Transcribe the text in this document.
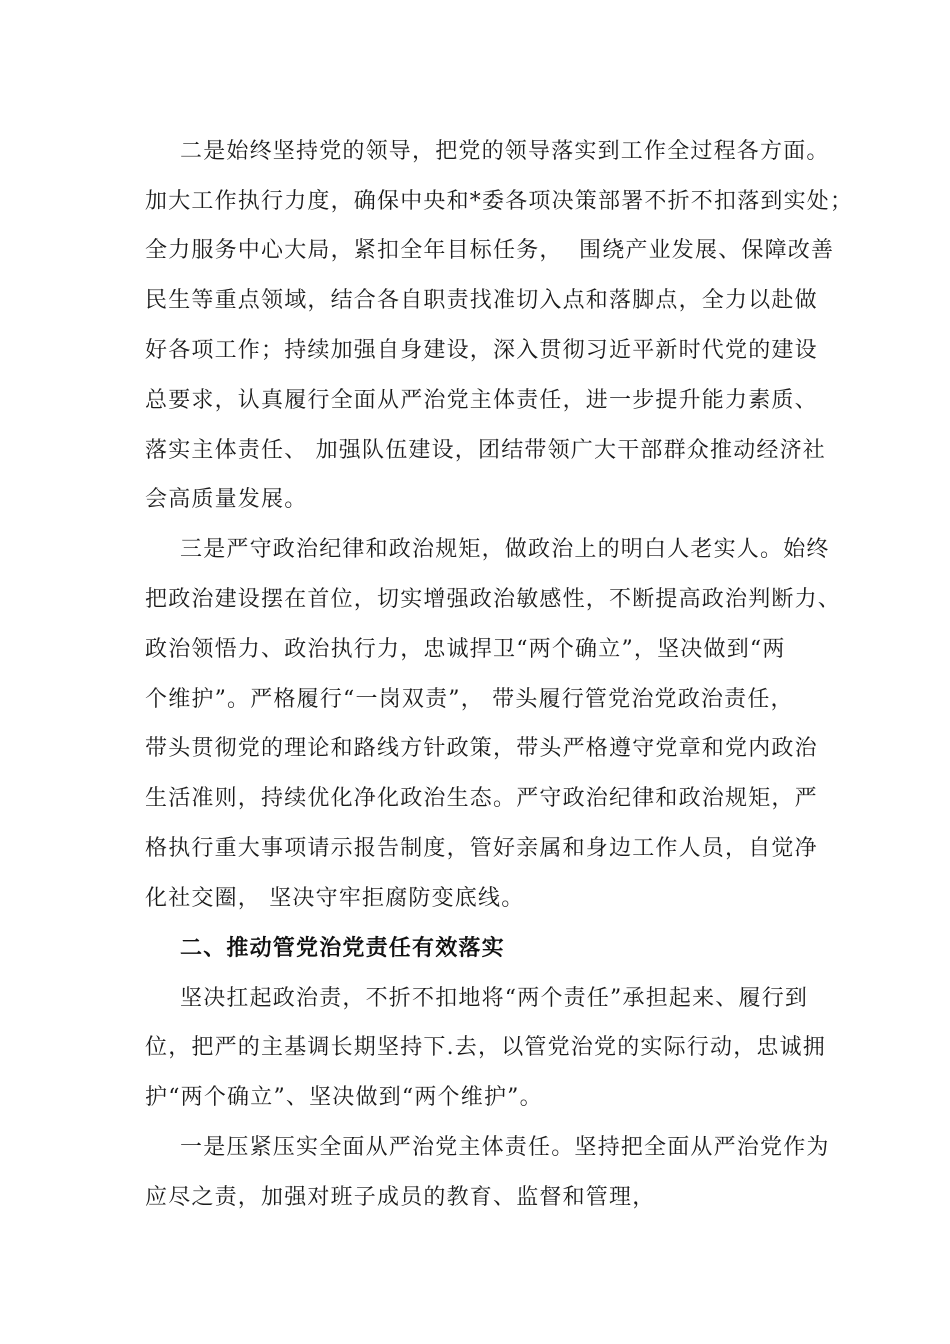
二是始终坚持党的领导，把党的领导落实到工作全过程各方面。

加大工作执行力度，确保中央和*委各项决策部署不折不扣落到实处；

全力服务中心大局，紧扣全年目标任务，  围绕产业发展、保障改善

民生等重点领域，结合各自职责找准切入点和落脚点，全力以赴做

好各项工作；持续加强自身建设，深入贯彻习近平新时代党的建设

总要求，认真履行全面从严治党主体责任，进一步提升能力素质、

落实主体责任、 加强队伍建设，团结带领广大干部群众推动经济社

会高质量发展。

三是严守政治纪律和政治规矩，做政治上的明白人老实人。始终

把政治建设摆在首位，切实增强政治敏感性，不断提高政治判断力、

政治领悟力、政治执行力，忠诚捍卫“两个确立”，坚决做到“两

个维护”。严格履行“一岗双责”， 带头履行管党治党政治责任，

带头贯彻党的理论和路线方针政策，带头严格遵守党章和党内政治

生活准则，持续优化净化政治生态。严守政治纪律和政治规矩，严

格执行重大事项请示报告制度，管好亲属和身边工作人员，自觉净

化社交圈， 坚决守牢拒腐防变底线。

二、推动管党治党责任有效落实

坚决扛起政治责，不折不扣地将“两个责任”承担起来、履行到

位，把严的主基调长期坚持下.去，以管党治党的实际行动，忠诚拥

护“两个确立”、坚决做到“两个维护”。

一是压紧压实全面从严治党主体责任。坚持把全面从严治党作为

应尽之责，加强对班子成员的教育、监督和管理，
